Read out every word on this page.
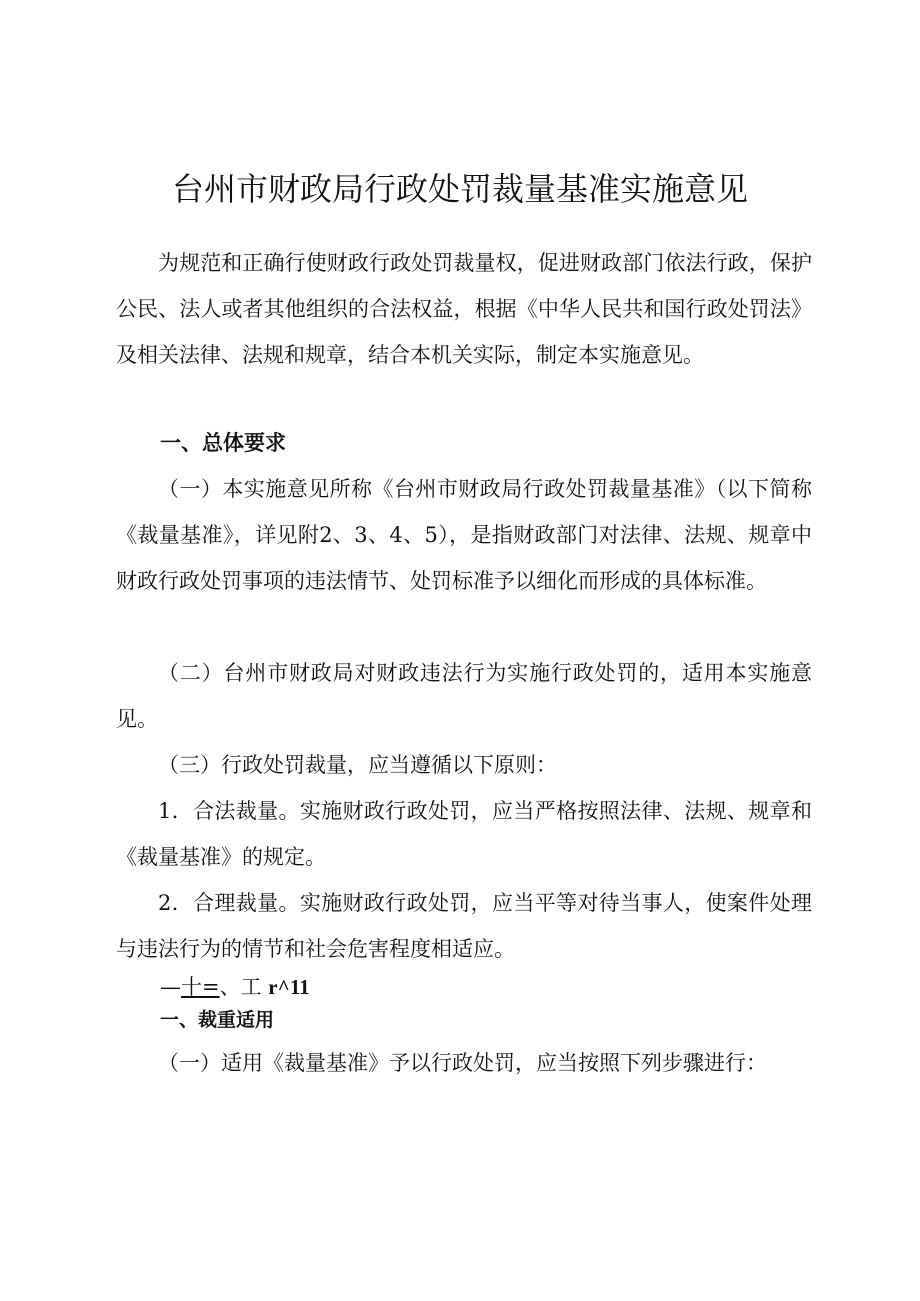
台州市财政局行政处罚裁量基准实施意见

为规范和正确行使财政行政处罚裁量权，促进财政部门依法行政，保护公民、法人或者其他组织的合法权益，根据《中华人民共和国行政处罚法》及相关法律、法规和规章，结合本机关实际，制定本实施意见。

一、总体要求

（一）本实施意见所称《台州市财政局行政处罚裁量基准》（以下简称《裁量基准》，详见附2、3、4、5），是指财政部门对法律、法规、规章中财政行政处罚事项的违法情节、处罚标准予以细化而形成的具体标准。

（二）台州市财政局对财政违法行为实施行政处罚的，适用本实施意见。

（三）行政处罚裁量，应当遵循以下原则：

1．合法裁量。实施财政行政处罚，应当严格按照法律、法规、规章和《裁量基准》的规定。

2．合理裁量。实施财政行政处罚，应当平等对待当事人，使案件处理与违法行为的情节和社会危害程度相适应。

—十=、工 r^11

一、裁重适用

（一）适用《裁量基准》予以行政处罚，应当按照下列步骤进行：
